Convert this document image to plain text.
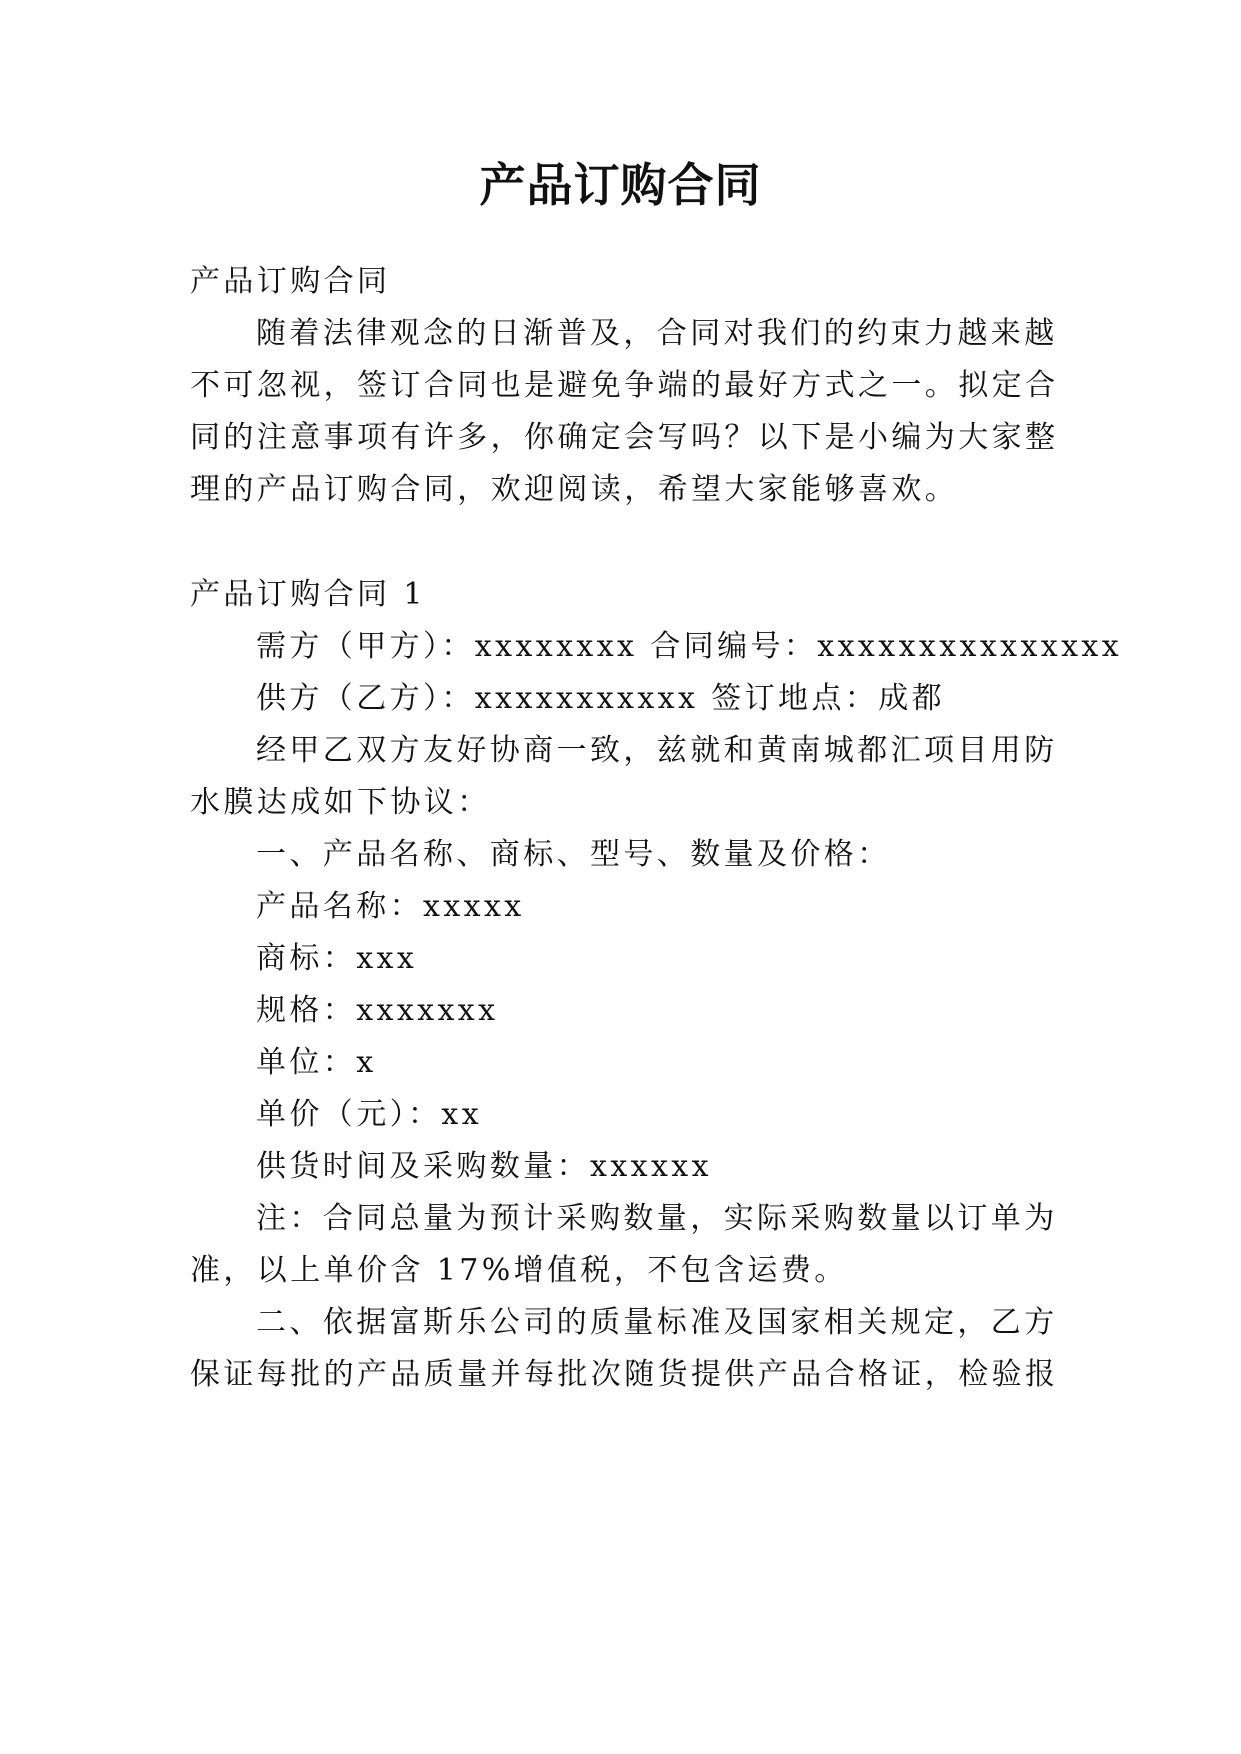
产品订购合同
产品订购合同
随着法律观念的日渐普及，合同对我们的约束力越来越
不可忽视，签订合同也是避免争端的最好方式之一。拟定合
同的注意事项有许多，你确定会写吗？以下是小编为大家整
理的产品订购合同，欢迎阅读，希望大家能够喜欢。
产品订购合同 1
需方（甲方）：xxxxxxxx 合同编号：xxxxxxxxxxxxxxx
供方（乙方）：xxxxxxxxxxx 签订地点：成都
经甲乙双方友好协商一致，兹就和黄南城都汇项目用防
水膜达成如下协议：
一、产品名称、商标、型号、数量及价格：
产品名称：xxxxx
商标：xxx
规格：xxxxxxx
单位：x
单价（元）：xx
供货时间及采购数量：xxxxxx
注：合同总量为预计采购数量，实际采购数量以订单为
准，以上单价含 17%增值税，不包含运费。
二、依据富斯乐公司的质量标准及国家相关规定，乙方
保证每批的产品质量并每批次随货提供产品合格证，检验报
